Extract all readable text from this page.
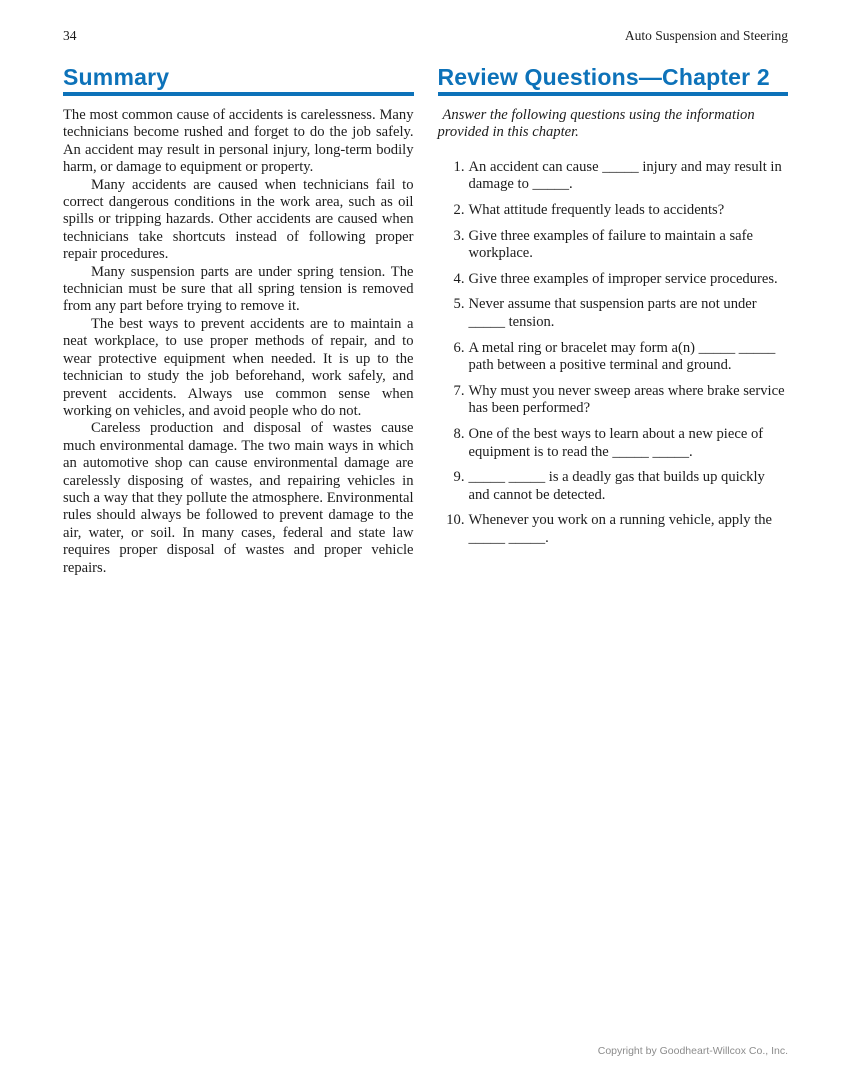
34	Auto Suspension and Steering
Summary

The most common cause of accidents is carelessness. Many technicians become rushed and forget to do the job safely. An accident may result in personal injury, long-term bodily harm, or damage to equipment or property.

Many accidents are caused when technicians fail to correct dangerous conditions in the work area, such as oil spills or tripping hazards. Other accidents are caused when technicians take shortcuts instead of following proper repair procedures.

Many suspension parts are under spring tension. The technician must be sure that all spring tension is removed from any part before trying to remove it.

The best ways to prevent accidents are to maintain a neat workplace, to use proper methods of repair, and to wear protective equipment when needed. It is up to the technician to study the job beforehand, work safely, and prevent accidents. Always use common sense when working on vehicles, and avoid people who do not.

Careless production and disposal of wastes cause much environmental damage. The two main ways in which an automotive shop can cause environmental damage are carelessly disposing of wastes, and repairing vehicles in such a way that they pollute the atmosphere. Environmental rules should always be followed to prevent damage to the air, water, or soil. In many cases, federal and state law requires proper disposal of wastes and proper vehicle repairs.

Review Questions—Chapter 2

Answer the following questions using the information provided in this chapter.

An accident can cause _____ injury and may result in damage to _____.
What attitude frequently leads to accidents?
Give three examples of failure to maintain a safe workplace.
Give three examples of improper service procedures.
Never assume that suspension parts are not under _____ tension.
A metal ring or bracelet may form a(n) _____ _____ path between a positive terminal and ground.
Why must you never sweep areas where brake service has been performed?
One of the best ways to learn about a new piece of equipment is to read the _____ _____.
_____ _____ is a deadly gas that builds up quickly and cannot be detected.
Whenever you work on a running vehicle, apply the _____ _____.
Copyright by Goodheart-Willcox Co., Inc.
